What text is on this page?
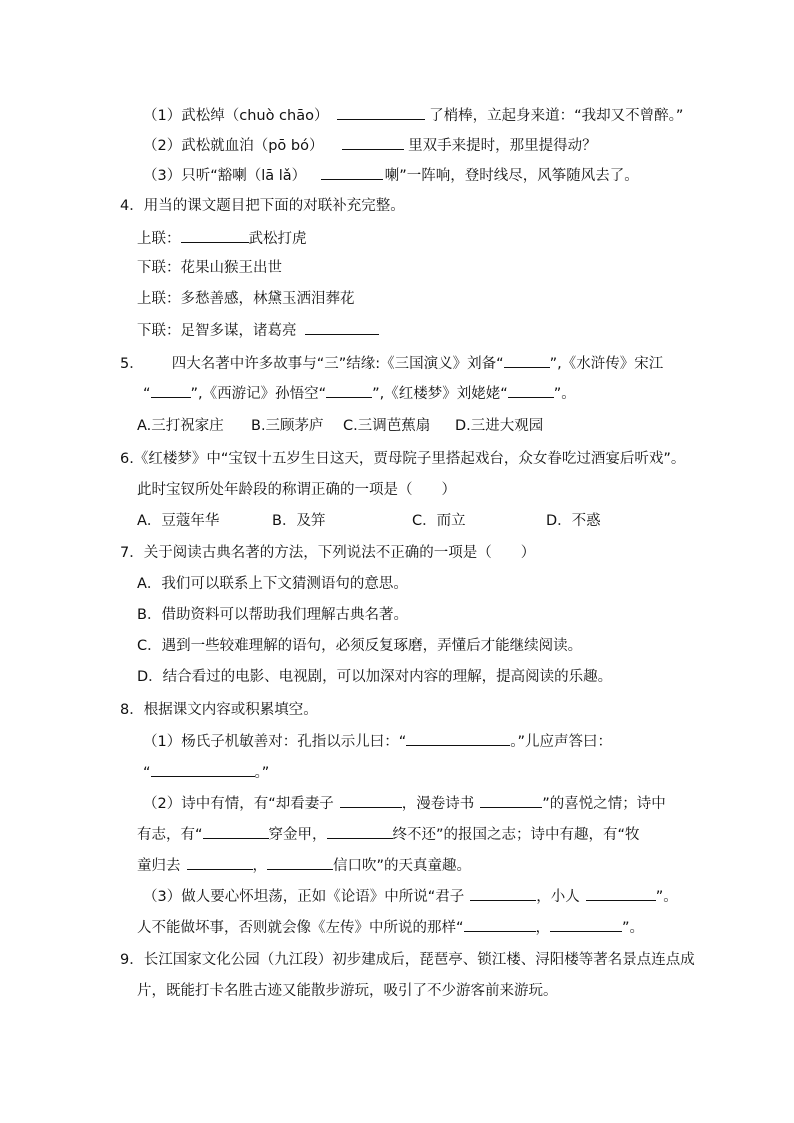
（1）武松绰（chuò chāo）	了梢棒，立起身来道：“我却又不曾醉。”
（2）武松就血泊（pō bó）	里双手来提时，那里提得动？
（3）只听“豁喇（lā lǎ）	喇”一阵响，登时线尽，风筝随风去了。
4．用当的课文题目把下面的对联补充完整。
上联：	武松打虎
下联：花果山猴王出世
上联：多愁善感，林黛玉洒泪葬花
下联：足智多谋，诸葛亮
5． 四大名著中许多故事与“三”结缘:《三国演义》刘备“	”,《水浒传》宋江
“	”,《西游记》孙悟空“	”,《红楼梦》刘姥姥“	”。
A.三打祝家庄 B.三顾茅庐 C.三调芭蕉扇 D.三进大观园
6.《红楼梦》中“宝钗十五岁生日这天，贾母院子里搭起戏台，众女眷吃过酒宴后听戏”。
此时宝钗所处年龄段的称谓正确的一项是（　　）
A．豆蔻年华	B．及笄	C．而立	D．不惑
7．关于阅读古典名著的方法，下列说法不正确的一项是（　　）
A．我们可以联系上下文猜测语句的意思。
B．借助资料可以帮助我们理解古典名著。
C．遇到一些较难理解的语句，必须反复琢磨，弄懂后才能继续阅读。
D．结合看过的电影、电视剧，可以加深对内容的理解，提高阅读的乐趣。
8．根据课文内容或积累填空。
（1）杨氏子机敏善对：孔指以示儿曰：“	。”儿应声答曰：
“	。”
（2）诗中有情，有“却看妻子	，漫卷诗书	”的喜悦之情；诗中
有志，有“	穿金甲，	终不还”的报国之志；诗中有趣，有“牧
童归去	，	信口吹”的天真童趣。
（3）做人要心怀坦荡，正如《论语》中所说“君子	，小人	”。
人不能做坏事，否则就会像《左传》中所说的那样“	，	”。
9．长江国家文化公园（九江段）初步建成后，琵琶亭、锁江楼、浔阳楼等著名景点连点成
片，既能打卡名胜古迹又能散步游玩，吸引了不少游客前来游玩。
